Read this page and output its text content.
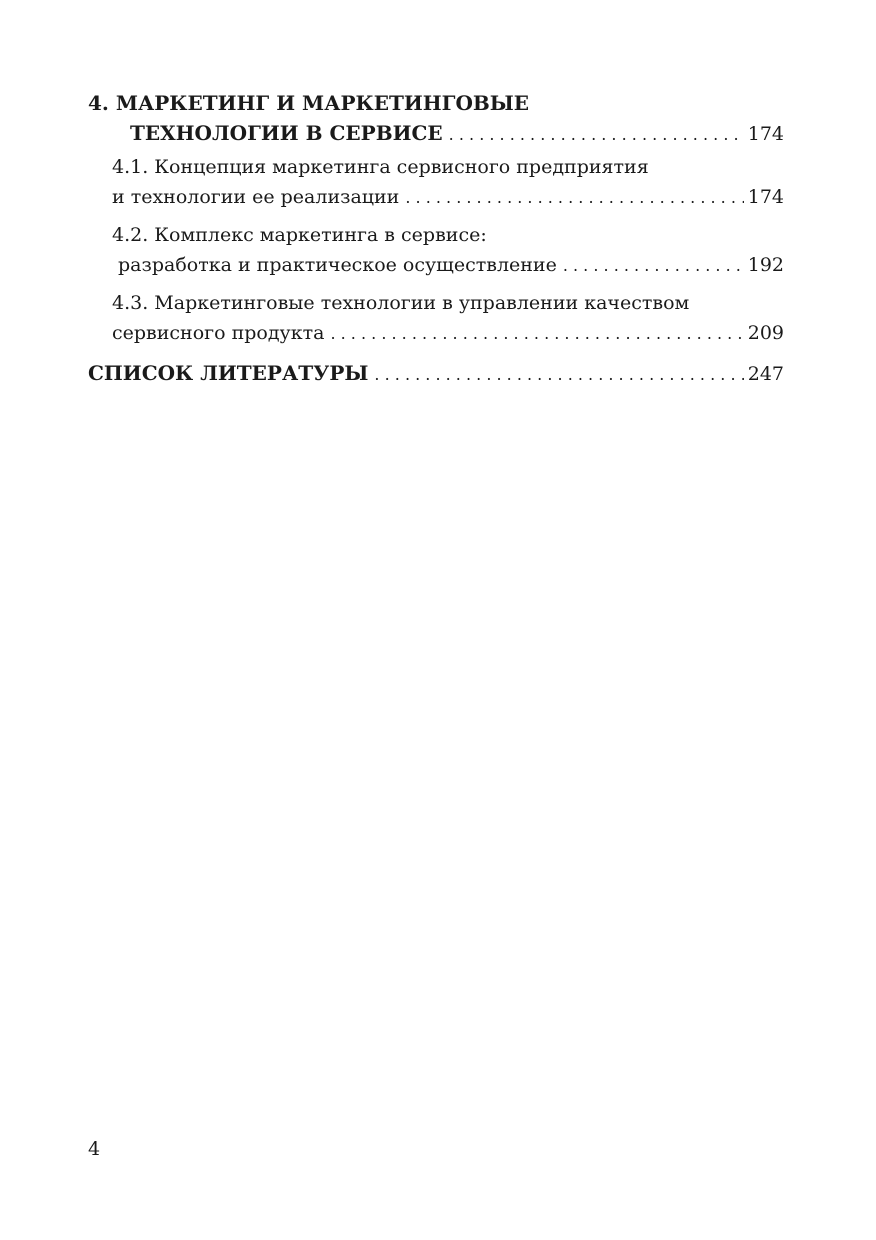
4. МАРКЕТИНГ И МАРКЕТИНГОВЫЕ
ТЕХНОЛОГИИ В СЕРВИСЕ . . .	174
4.1. Концепция маркетинга сервисного предприятия
и технологии ее реализации . . .	174
4.2. Комплекс маркетинга в сервисе:
разработка и практическое осуществление . . .	192
4.3. Маркетинговые технологии в управлении качеством
сервисного продукта . . .	209
СПИСОК ЛИТЕРАТУРЫ . . .	247
4
